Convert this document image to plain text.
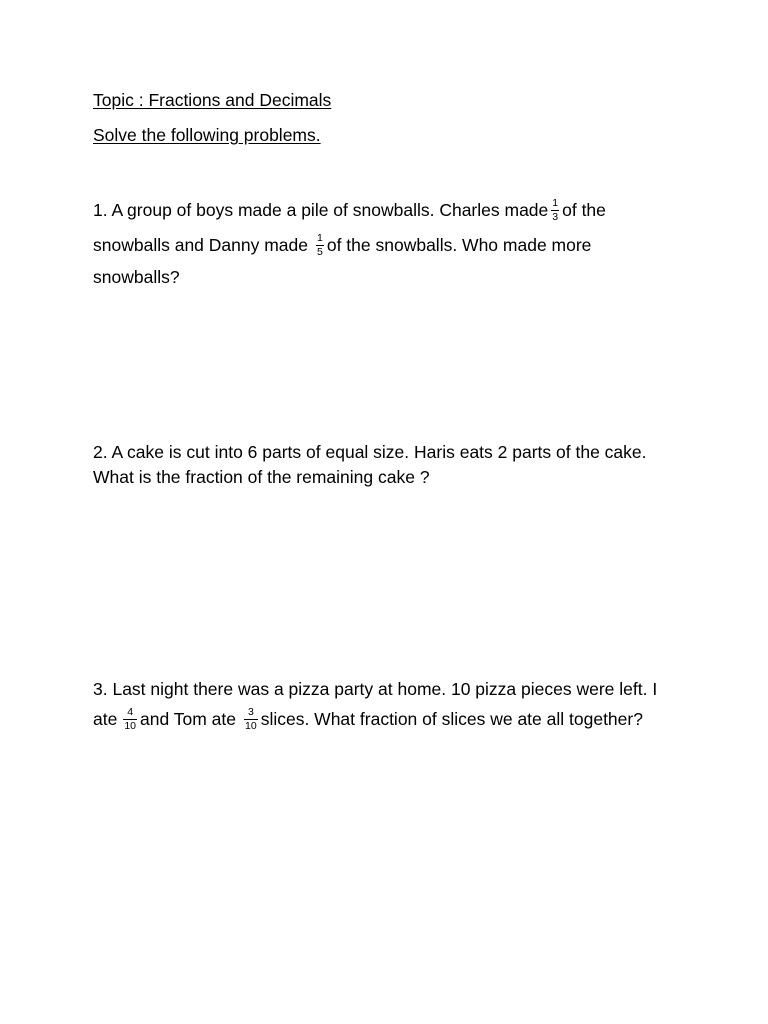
Topic : Fractions and Decimals
Solve the following problems.
1. A group of boys made a pile of snowballs. Charles made $\frac{1}{3}$ of the
snowballs and Danny made $\frac{1}{5}$ of the snowballs. Who made more
snowballs?
2. A cake is cut into 6 parts of equal size. Haris eats 2 parts of the cake.
What is the fraction of the remaining cake ?
3. Last night there was a pizza party at home. 10 pizza pieces were left. I
ate $\frac{4}{10}$ and Tom ate $\frac{3}{10}$ slices. What fraction of slices we ate all together?
